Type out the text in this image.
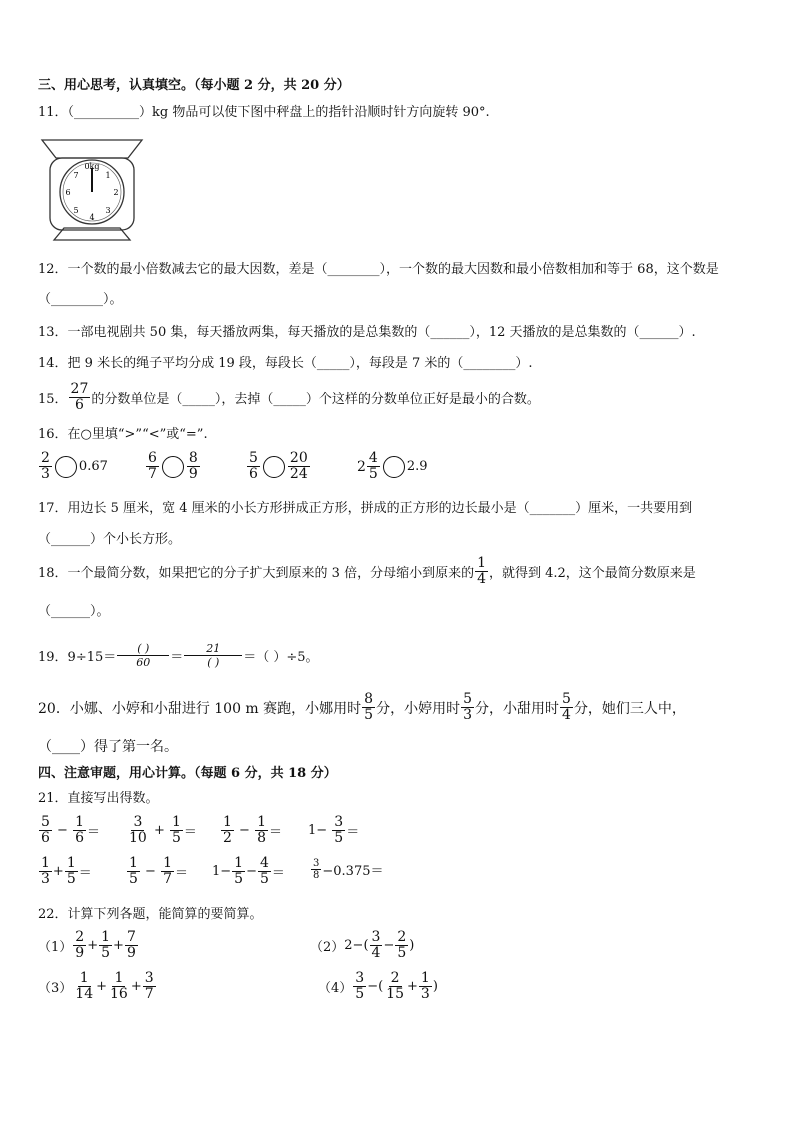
三、用心思考，认真填空。（每小题 2 分，共 20 分）
11．（__________）kg 物品可以使下图中秤盘上的指针沿顺时针方向旋转 90°.
0kg
1
2
3
4
5
6
7
12．一个数的最小倍数减去它的最大因数，差是（________），一个数的最大因数和最小倍数相加和等于 68，这个数是
（________）。
13．一部电视剧共 50 集，每天播放两集，每天播放的是总集数的（______），12 天播放的是总集数的（______）.
14．把 9 米长的绳子平均分成 19 段，每段长（_____），每段是 7 米的（________）.
15． $\frac{27}{6}$ 的分数单位是（_____），去掉（_____）个这样的分数单位正好是最小的合数。
16．在○里填“>”“<”或“=”.
$\frac{2}{3} 0.67$	$\frac{6}{7} \frac{8}{9}$	$\frac{5}{6} \frac{20}{24}$	$2 \frac{4}{5} 2.9$
17．用边长 5 厘米，宽 4 厘米的小长方形拼成正方形，拼成的正方形的边长最小是（_______）厘米，一共要用到
（______）个小长方形。
18．一个最简分数，如果把它的分子扩大到原来的 3 倍，分母缩小到原来的 $\frac{1}{4}$ ，就得到 4.2，这个最简分数原来是
（______）。
19．$9\div 15= \frac{( )}{60} = \frac{21}{( )}$ ＝（ ）÷5。
20．小娜、小婷和小甜进行 100 m 赛跑，小娜用时 $\frac{8}{5}$ 分，小婷用时 $\frac{5}{3}$ 分，小甜用时 $\frac{5}{4}$ 分，她们三人中，
（____）得了第一名。
四、注意审题，用心计算。（每题 6 分，共 18 分）
21．直接写出得数。
$\frac{5}{6} - \frac{1}{6} = \frac{3}{10} + \frac{1}{5} = \frac{1}{2} - \frac{1}{8} = 1- \frac{3}{5}$ ＝
$\frac{1}{3} + \frac{1}{5}$ ＝	$\frac{1}{5} - \frac{1}{7} = 1- \frac{1}{5} - \frac{4}{5}$ ＝	$\frac{3}{8} -0.375=$
22．计算下列各题，能简算的要简算。
$(1) \frac{2}{9} + \frac{1}{5} + \frac{7}{9}$	（2） $2-( \frac{3}{4} - \frac{2}{5}$ )
$(3) \frac{1}{14} + \frac{1}{16} + \frac{3}{7}$	$(4) \frac{3}{5}$ −( $\frac{2}{15} + \frac{1}{3}$ )
